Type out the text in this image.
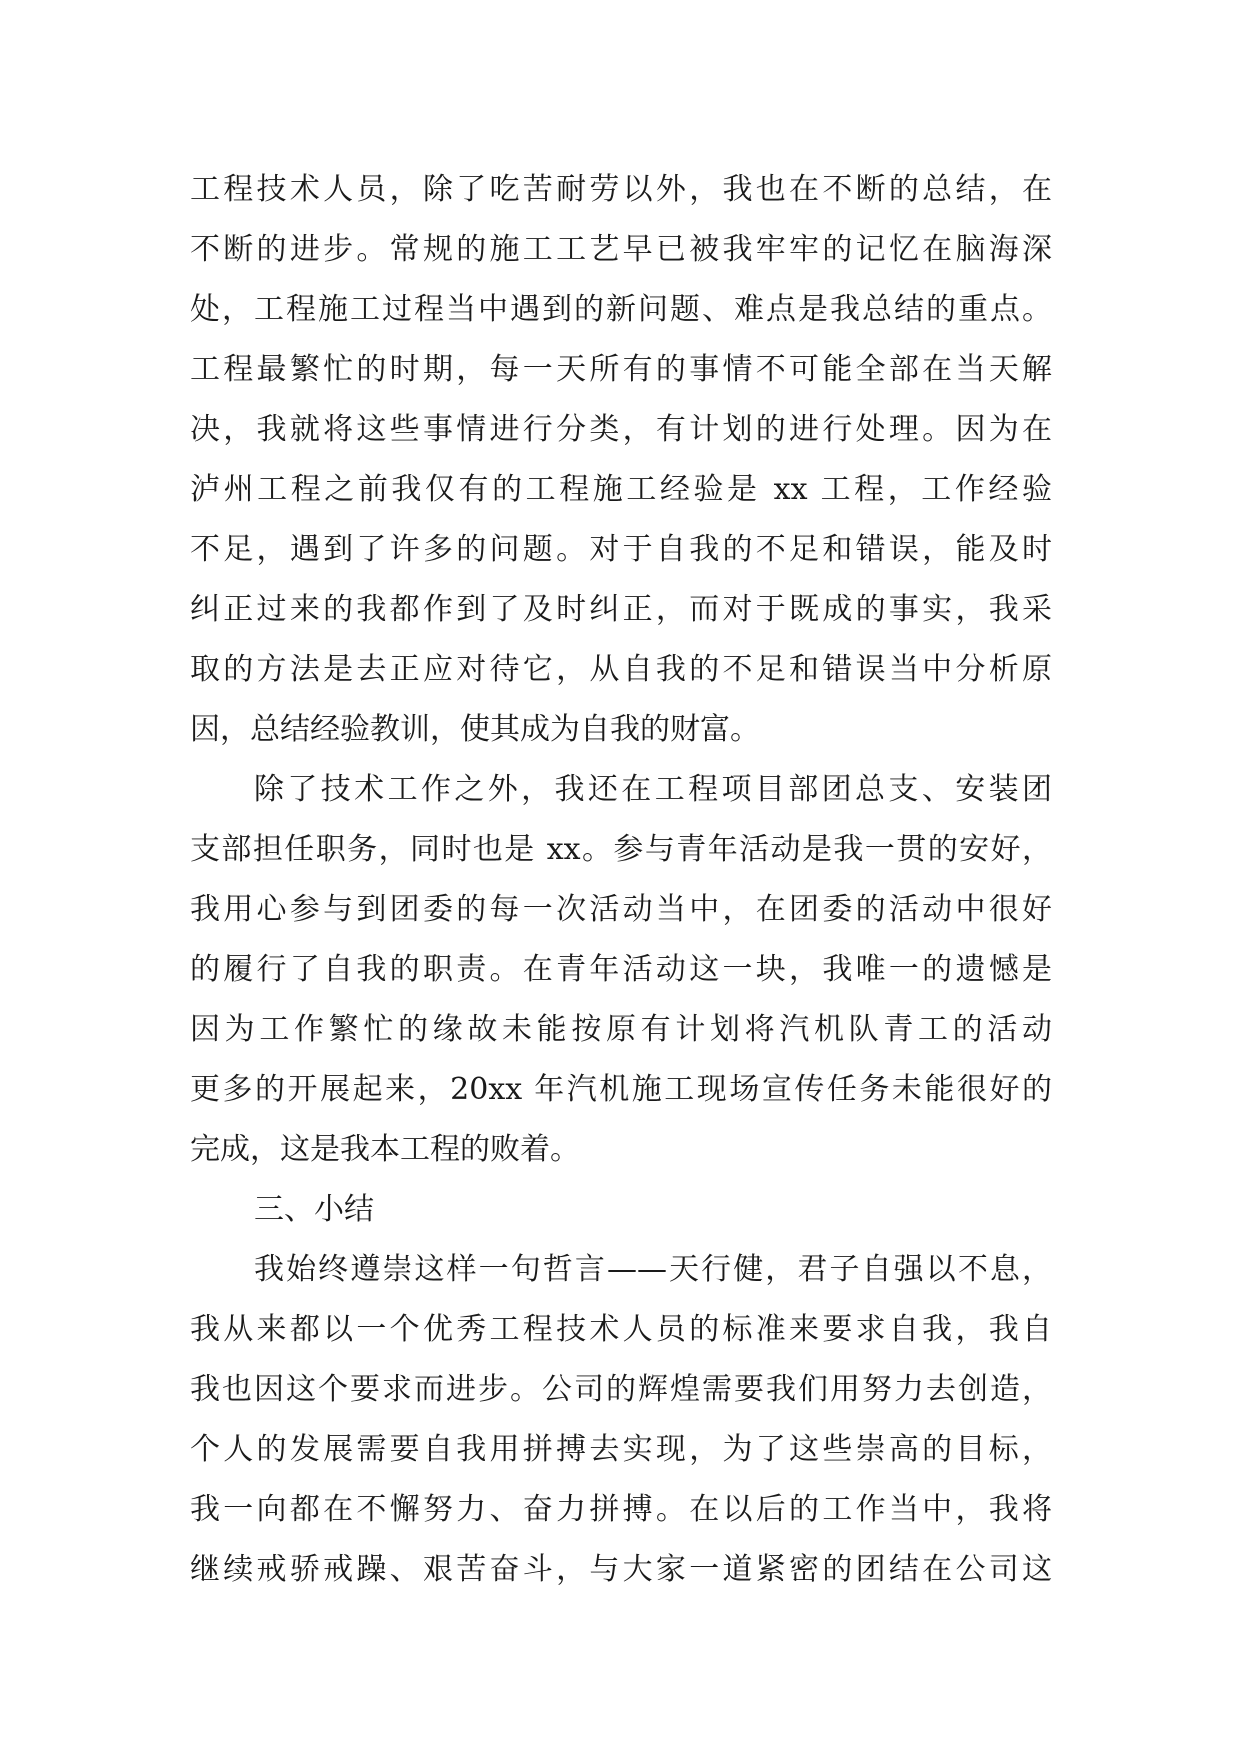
工程技术人员，除了吃苦耐劳以外，我也在不断的总结，在
不断的进步。常规的施工工艺早已被我牢牢的记忆在脑海深
处，工程施工过程当中遇到的新问题、难点是我总结的重点。
工程最繁忙的时期，每一天所有的事情不可能全部在当天解
决，我就将这些事情进行分类，有计划的进行处理。因为在
泸州工程之前我仅有的工程施工经验是 xx 工程，工作经验
不足，遇到了许多的问题。对于自我的不足和错误，能及时
纠正过来的我都作到了及时纠正，而对于既成的事实，我采
取的方法是去正应对待它，从自我的不足和错误当中分析原
因，总结经验教训，使其成为自我的财富。
除了技术工作之外，我还在工程项目部团总支、安装团
支部担任职务，同时也是 xx。参与青年活动是我一贯的安好，
我用心参与到团委的每一次活动当中，在团委的活动中很好
的履行了自我的职责。在青年活动这一块，我唯一的遗憾是
因为工作繁忙的缘故未能按原有计划将汽机队青工的活动
更多的开展起来，20xx 年汽机施工现场宣传任务未能很好的
完成，这是我本工程的败着。
三、小结
我始终遵崇这样一句哲言——天行健，君子自强以不息，
我从来都以一个优秀工程技术人员的标准来要求自我，我自
我也因这个要求而进步。公司的辉煌需要我们用努力去创造，
个人的发展需要自我用拼搏去实现，为了这些崇高的目标，
我一向都在不懈努力、奋力拼搏。在以后的工作当中，我将
继续戒骄戒躁、艰苦奋斗，与大家一道紧密的团结在公司这
